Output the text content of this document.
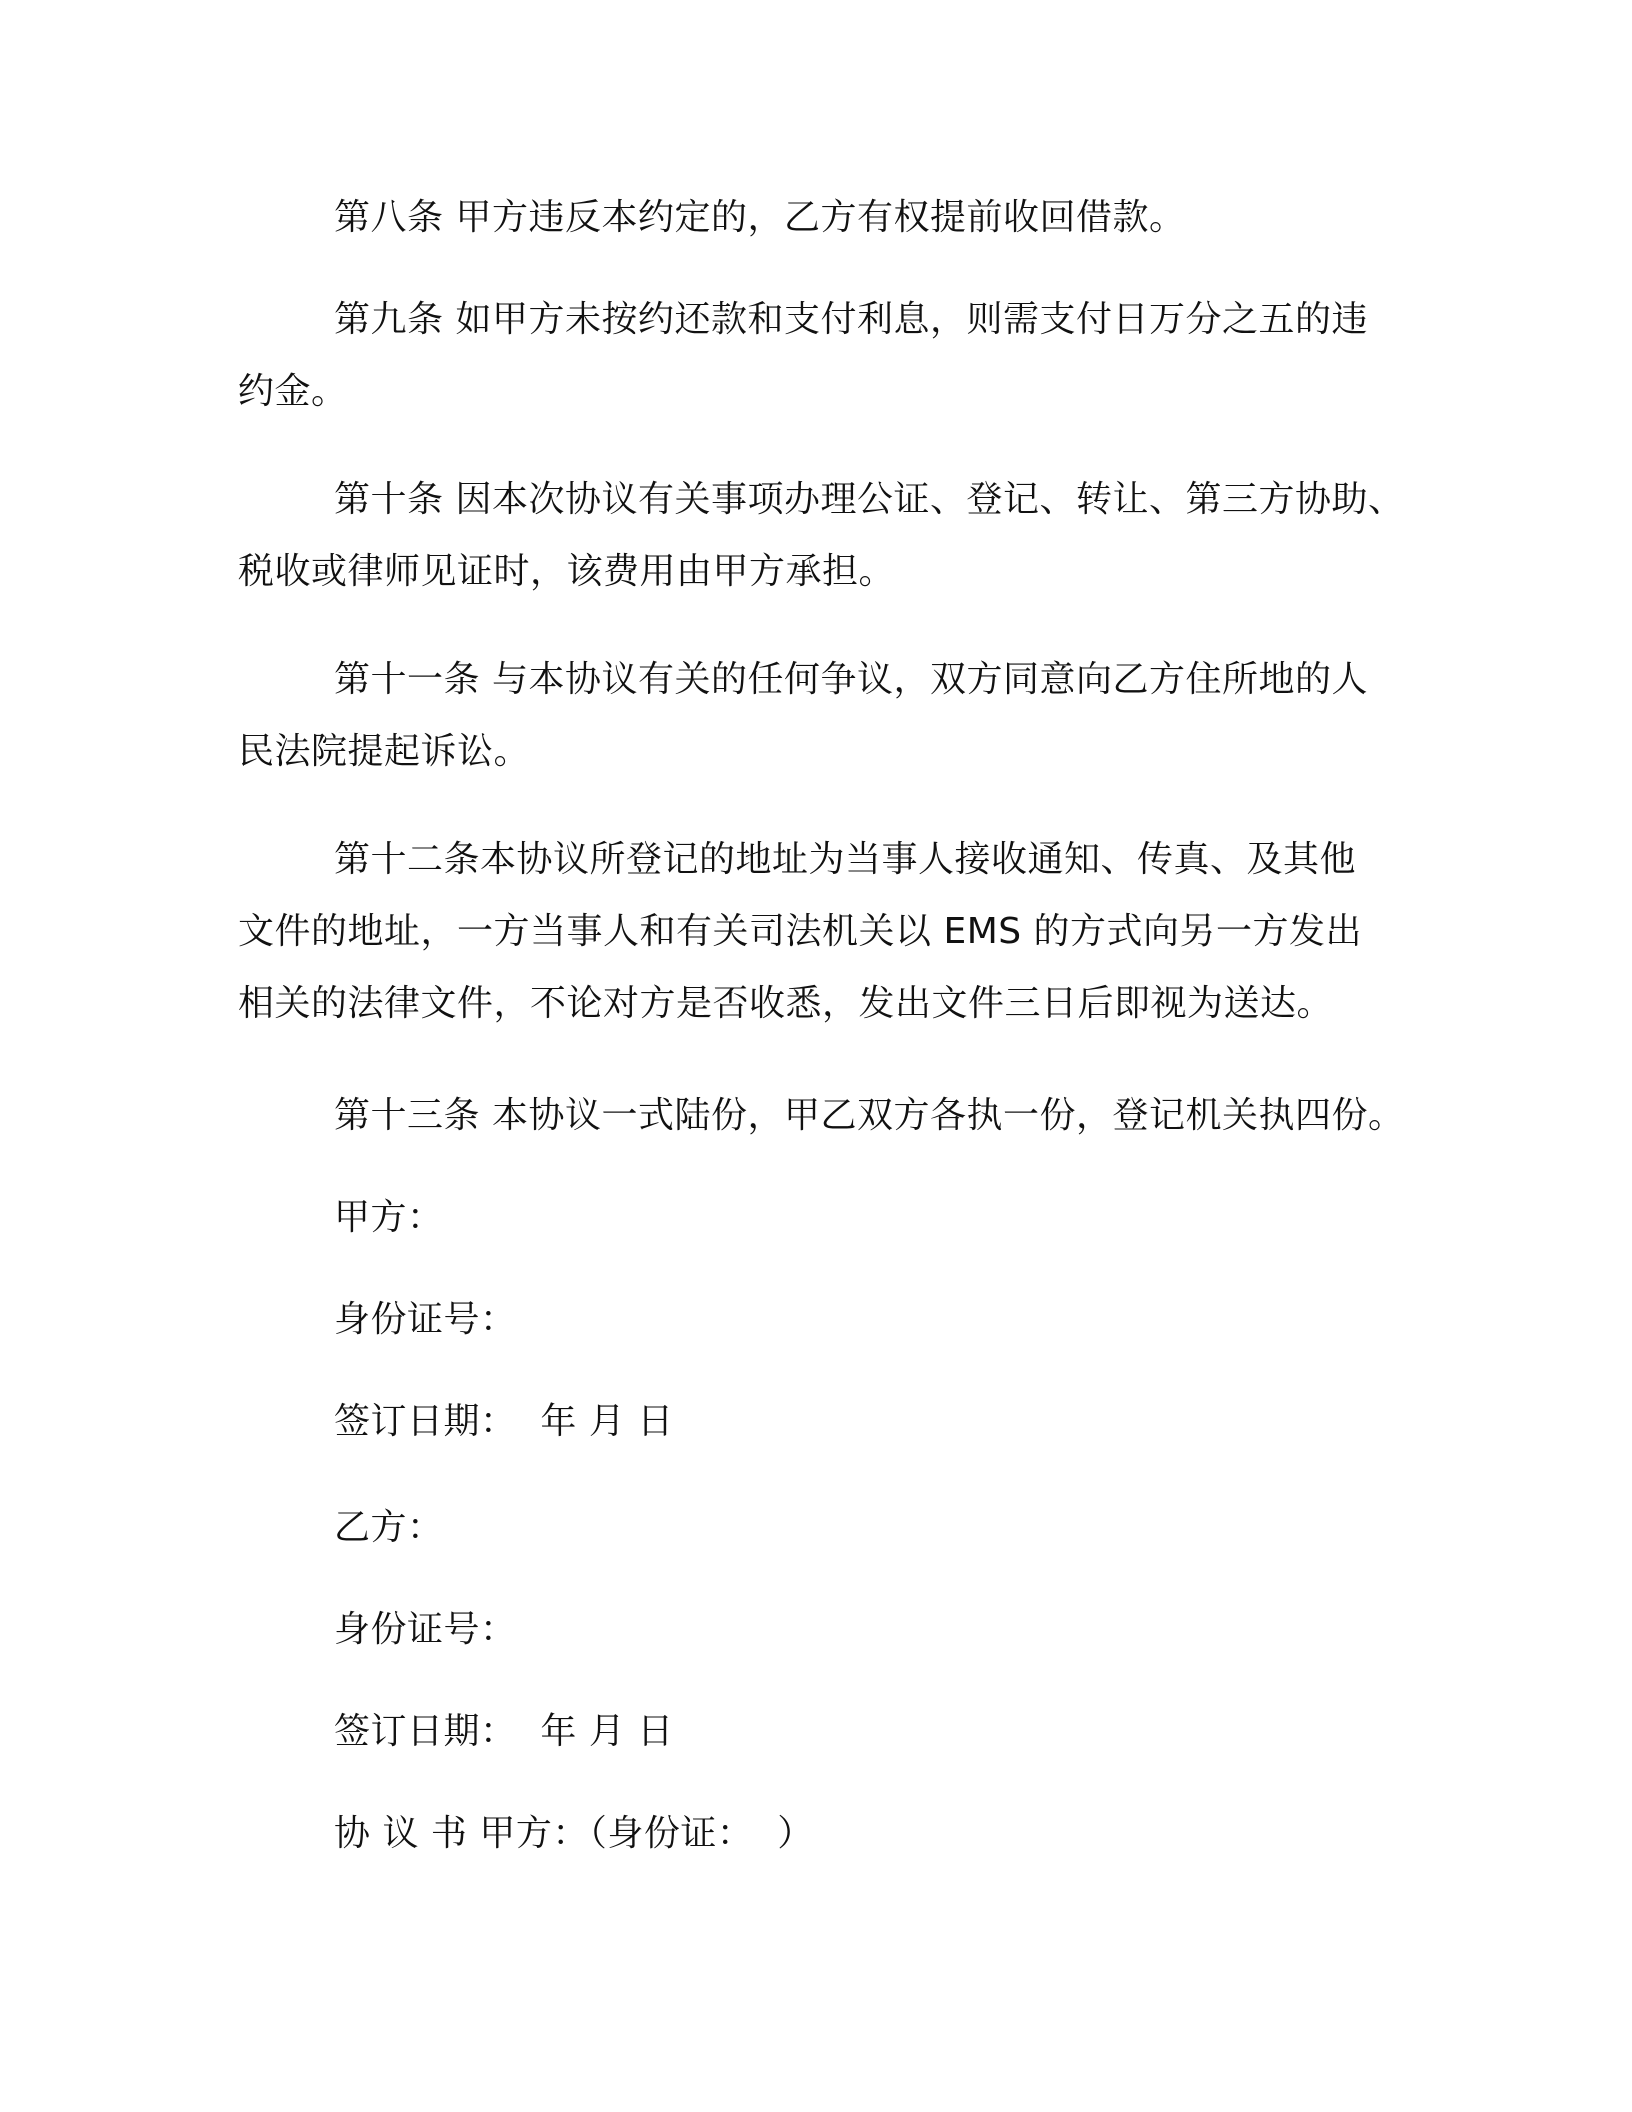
第八条 甲方违反本约定的，乙方有权提前收回借款。
第九条 如甲方未按约还款和支付利息，则需支付日万分之五的违
约金。
第十条 因本次协议有关事项办理公证、登记、转让、第三方协助、
税收或律师见证时，该费用由甲方承担。
第十一条 与本协议有关的任何争议，双方同意向乙方住所地的人
民法院提起诉讼。
第十二条本协议所登记的地址为当事人接收通知、传真、及其他
文件的地址，一方当事人和有关司法机关以 EMS 的方式向另一方发出
相关的法律文件，不论对方是否收悉，发出文件三日后即视为送达。
第十三条 本协议一式陆份，甲乙双方各执一份，登记机关执四份。
甲方：
身份证号：
签订日期：  年 月 日
乙方：
身份证号：
签订日期：  年 月 日
协 议 书 甲方：（身份证：  ）
